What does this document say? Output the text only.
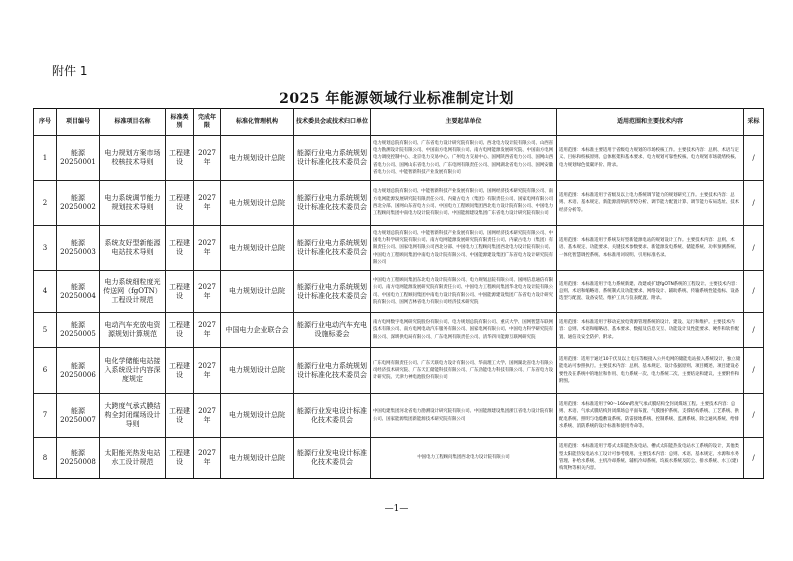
附件 1
2025 年能源领域行业标准制定计划
序号	项目编号	标准项目名称	标准类别	完成年限	标准化管理机构	技术委员会或技术归口单位	主要起草单位	适用范围和主要技术内容	采标
1	能源 20250001	电力规划方案市场校核技术导则	工程建设	2027年	电力规划设计总院	能源行业电力系统规划设计标准化技术委员会	电力规划总院有限公司、广东省电力设计研究院有限公司、西北电力设计院有限公司、山西省电力勘测设计院有限公司、中国南方电网有限公司、南方电网能源发展研究院、中国南方电网电力调度控制中心、北京电力交易中心、广州电力交易中心、国网陕西省电力公司、国网山西省电力公司、国网山东省电力公司、广东电网有限责任公司、国网湖北省电力公司、国网安徽省电力公司、中能智新科技产业发展有限公司	适用范围：本标准主要适用于省级电力规划的市场校核工作。主要技术内容：总则、术语与定义、目标和校核原则、总体框架和基本要求、电力规划可靠性校核、电力规划市场就绪校核、电力规划绿色低碳评价、附录。	/
2	能源 20250002	电力系统调节能力规划技术导则	工程建设	2027年	电力规划设计总院	能源行业电力系统规划设计标准化技术委员会	电力规划总院有限公司、中能智新科技产业发展有限公司、国网经济技术研究院有限公司、南方电网能源发展研究院有限责任公司、内蒙古电力（集团）有限责任公司、国家电网有限公司西北分部、国网山东省电力公司、中国电力工程顾问集团西北电力设计院有限公司、中国电力工程顾问集团中南电力设计院有限公司、中国能源建设集团广东省电力设计研究院有限公司	适用范围：本标准适用于省级及以上电力系统调节能力的规划研究工作。主要技术内容：总则、术语、基本规定、新能源消纳的形势分析、调节能力配置计算、调节能力布局选址、技术经济分析等。	/
3	能源 20250003	系统友好型新能源电站技术导则	工程建设	2027年	电力规划设计总院	能源行业电力系统规划设计标准化技术委员会	电力规划总院有限公司、中能智新科技产业发展有限公司、国网经济技术研究院有限公司、中国电力科学研究院有限公司、南方电网能源发展研究院有限责任公司、内蒙古电力（集团）有限责任公司、国家电网有限公司西北分部、中国电力工程顾问集团西北电力设计院有限公司、中国电力工程顾问集团中南电力设计院有限公司、中国能源建设集团广东省电力设计研究院有限公司	适用范围：本标准适用于系统友好型新能源电站的规划设计工作。主要技术内容：总则、术语、基本规定、功能要求、关键技术参数要求、新能源发电系统、储能系统、功率预测系统、一体化智慧调控系统、本标准用词说明、引用标准名录。	/
4	能源 20250004	电力系统细粒度光传送网（fgOTN）工程设计规范	工程建设	2027年	电力规划设计总院	能源行业电力系统规划设计标准化技术委员会	中国电力工程顾问集团东北电力设计院有限公司、电力规划总院有限公司、国网信息通信有限公司、南方电网能源发展研究院有限责任公司、中国电力工程顾问集团华北电力设计院有限公司、中国电力工程顾问集团中南电力设计院有限公司、中国能源建设集团广东省电力设计研究院有限公司、国网吉林省电力有限公司经济技术研究院	适用范围：本标准适用于电力系统新建、改建或扩建fgOTN系统的工程设计。主要技术内容：总则、术语和缩略语、系统制式及功能要求、网络设计、辅助系统、传输系统性能指标、设备选型与配置、设备安装、维护工具与仪表配置、附录。	/
5	能源 20250005	电动汽车充放电资源规划计算规范	工程建设	2027年	中国电力企业联合会	能源行业电动汽车充电设施标委会	南方电网数字电网研究院股份有限公司、电力规划总院有限公司、重庆大学、国网智慧车联网技术有限公司、南方电网电动汽车服务有限公司、国家电网有限公司、中国电力科学研究院有限公司、深圳供电局有限公司、广东电网有限责任公司、清华四川能源互联网研究院	适用范围：本标准适用于移动充放电资源管理系统的设计、建设、运行和维护。主要技术内容：总则、术语和缩略语、基本要求、数据及信息交互、功能设计及性能要求、硬件和软件配置、通信及安全防护、附录。	/
6	能源 20250006	电化学储能电站接入系统设计内容深度规定	工程建设	2027年	电力规划设计总院	能源行业电力系统规划设计标准化技术委员会	广东电网有限责任公司、广东天联电力设计有限公司、华南理工大学、国网湖北省电力有限公司经济技术研究院、广东天汇储能科技有限公司、广东劲能电力科技有限公司、广东省电力设计研究院、天津力神电池股份有限公司	适用范围：适用于通过10千伏及以上电压等级接入公共电网的储能电站接入系统设计，独立储能电站可参照执行。主要技术内容：总则、基本规定、设计依据原则、项目概述、项目建设必要性及在系统中的地位和作用、电力系统一次、电力系统二次、主要结论和建议、主要附件和附图。	/
7	能源 20250007	大跨度气承式膜结构全封闭煤场设计导则	工程建设	2027年	电力规划设计总院	能源行业发电设计标准化技术委员会	中国电建集团河北省电力勘测设计研究院有限公司、中国能源建设集团浙江省电力设计院有限公司、国家能源集团新能源技术研究院有限公司	适用范围：本标准适用于90～160m跨度气承式膜结构全封闭煤场工程。主要技术内容：总则、术语、气承式膜结构封闭煤场总平面布置、气膜围护系统、支撑结构系统、工艺系统、供配电系统、照明与电缆敷设系统、防雷接地系统、控制系统、监测系统、除尘通风系统、给排水系统、消防系统的设计标准和使用寿命等。	/
8	能源 20250008	太阳能光热发电站水工设计规范	工程建设	2027年	电力规划设计总院	能源行业发电设计标准化技术委员会	中国电力工程顾问集团西北电力设计院有限公司	适用范围：本标准适用于塔式太阳能热发电站、槽式太阳能热发电站水工系统的设计，其他类型太阳能热发电站水工设计可参考使用。主要技术内容：总则、术语、基本规定、水源和水务管理、补给水系统、主机冷却系统、辅机冷却系统、均质水系统及防尘、排水系统、水工(建)构筑物等相关内容。	/
—1—
